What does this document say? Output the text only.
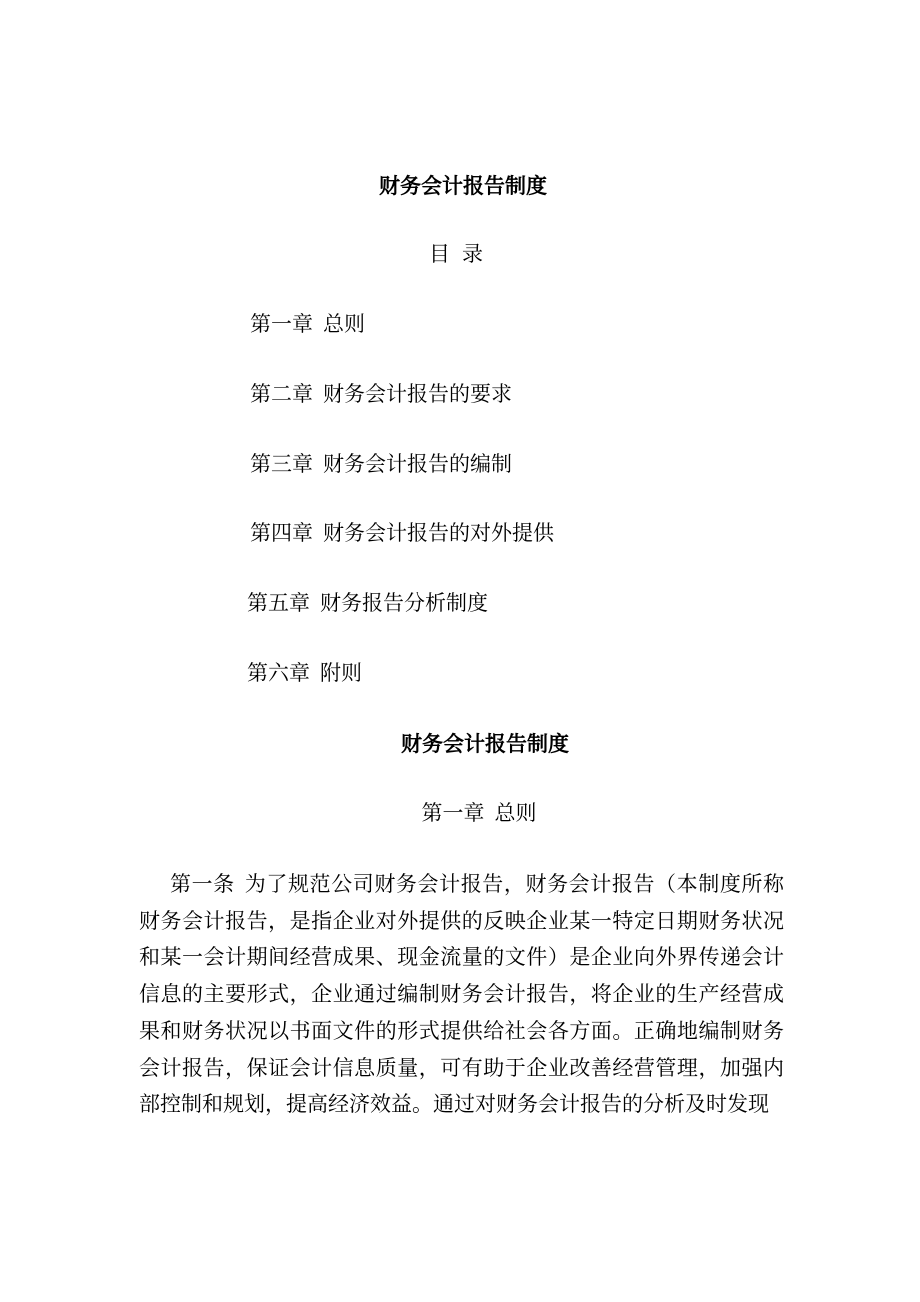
财务会计报告制度
目录
第一章 总则
第二章 财务会计报告的要求
第三章 财务会计报告的编制
第四章 财务会计报告的对外提供
第五章 财务报告分析制度
第六章 附则
财务会计报告制度
第一章 总则
第一条 为了规范公司财务会计报告，财务会计报告（本制度所称财务会计报告，是指企业对外提供的反映企业某一特定日期财务状况和某一会计期间经营成果、现金流量的文件）是企业向外界传递会计信息的主要形式，企业通过编制财务会计报告，将企业的生产经营成果和财务状况以书面文件的形式提供给社会各方面。正确地编制财务会计报告，保证会计信息质量，可有助于企业改善经营管理，加强内部控制和规划，提高经济效益。通过对财务会计报告的分析及时发现
